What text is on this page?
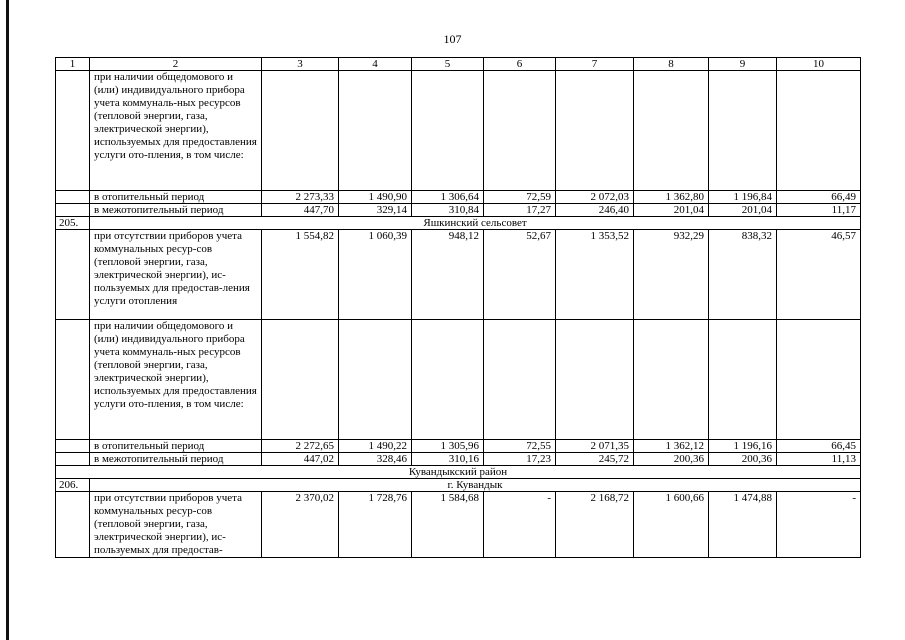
107
1	2	3	4	5	6	7	8	9	10
	при наличии общедомового и (или) индивидуального прибора учета коммуналь-ных ресурсов (тепловой энергии, газа, электрической энергии), используемых для предоставления услуги ото-пления, в том числе:								
	в отопительный период	2 273,33	1 490,90	1 306,64	72,59	2 072,03	1 362,80	1 196,84	66,49
	в межотопительный период	447,70	329,14	310,84	17,27	246,40	201,04	201,04	11,17
205.	Яшкинский сельсовет								
	при отсутствии приборов учета коммунальных ресур-сов (тепловой энергии, газа, электрической энергии), ис-пользуемых для предостав-ления услуги отопления	1 554,82	1 060,39	948,12	52,67	1 353,52	932,29	838,32	46,57
	при наличии общедомового и (или) индивидуального прибора учета коммуналь-ных ресурсов (тепловой энергии, газа, электрической энергии), используемых для предоставления услуги ото-пления, в том числе:								
	в отопительный период	2 272,65	1 490,22	1 305,96	72,55	2 071,35	1 362,12	1 196,16	66,45
	в межотопительный период	447,02	328,46	310,16	17,23	245,72	200,36	200,36	11,13
Кувандыкский район									
206.	г. Кувандык								
	при отсутствии приборов учета коммунальных ресур-сов (тепловой энергии, газа, электрической энергии), ис-пользуемых для предостав-	2 370,02	1 728,76	1 584,68	-	2 168,72	1 600,66	1 474,88	-
